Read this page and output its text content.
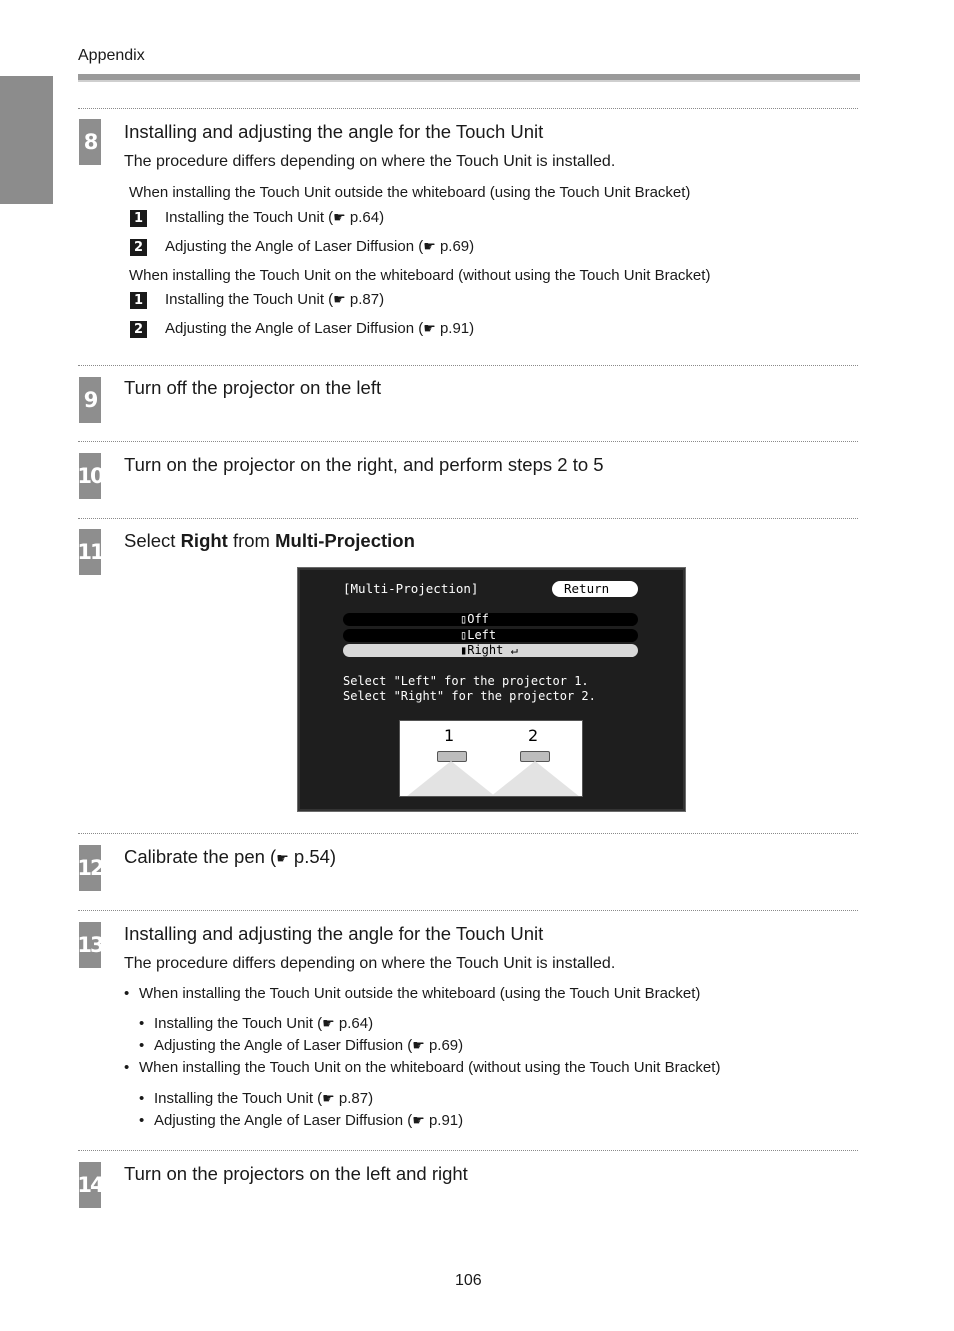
Appendix
8 Installing and adjusting the angle for the Touch Unit
The procedure differs depending on where the Touch Unit is installed.
When installing the Touch Unit outside the whiteboard (using the Touch Unit Bracket)
1 Installing the Touch Unit (☛ p.64)
2 Adjusting the Angle of Laser Diffusion (☛ p.69)
When installing the Touch Unit on the whiteboard (without using the Touch Unit Bracket)
1 Installing the Touch Unit (☛ p.87)
2 Adjusting the Angle of Laser Diffusion (☛ p.91)
9
Turn off the projector on the left
10 Turn on the projector on the right, and perform steps 2 to 5
11 Select Right from Multi-Projection
[Multi-Projection]	Return
▯Off
▯Left
▮Right ↵
Select "Left" for the projector 1.
Select "Right" for the projector 2.
1	2
12 Calibrate the pen (☛ p.54)
13 Installing and adjusting the angle for the Touch Unit
The procedure differs depending on where the Touch Unit is installed.
• When installing the Touch Unit outside the whiteboard (using the Touch Unit Bracket)
• Installing the Touch Unit (☛ p.64)
• Adjusting the Angle of Laser Diffusion (☛ p.69)
• When installing the Touch Unit on the whiteboard (without using the Touch Unit Bracket)
• Installing the Touch Unit (☛ p.87)
• Adjusting the Angle of Laser Diffusion (☛ p.91)
14 Turn on the projectors on the left and right
106
